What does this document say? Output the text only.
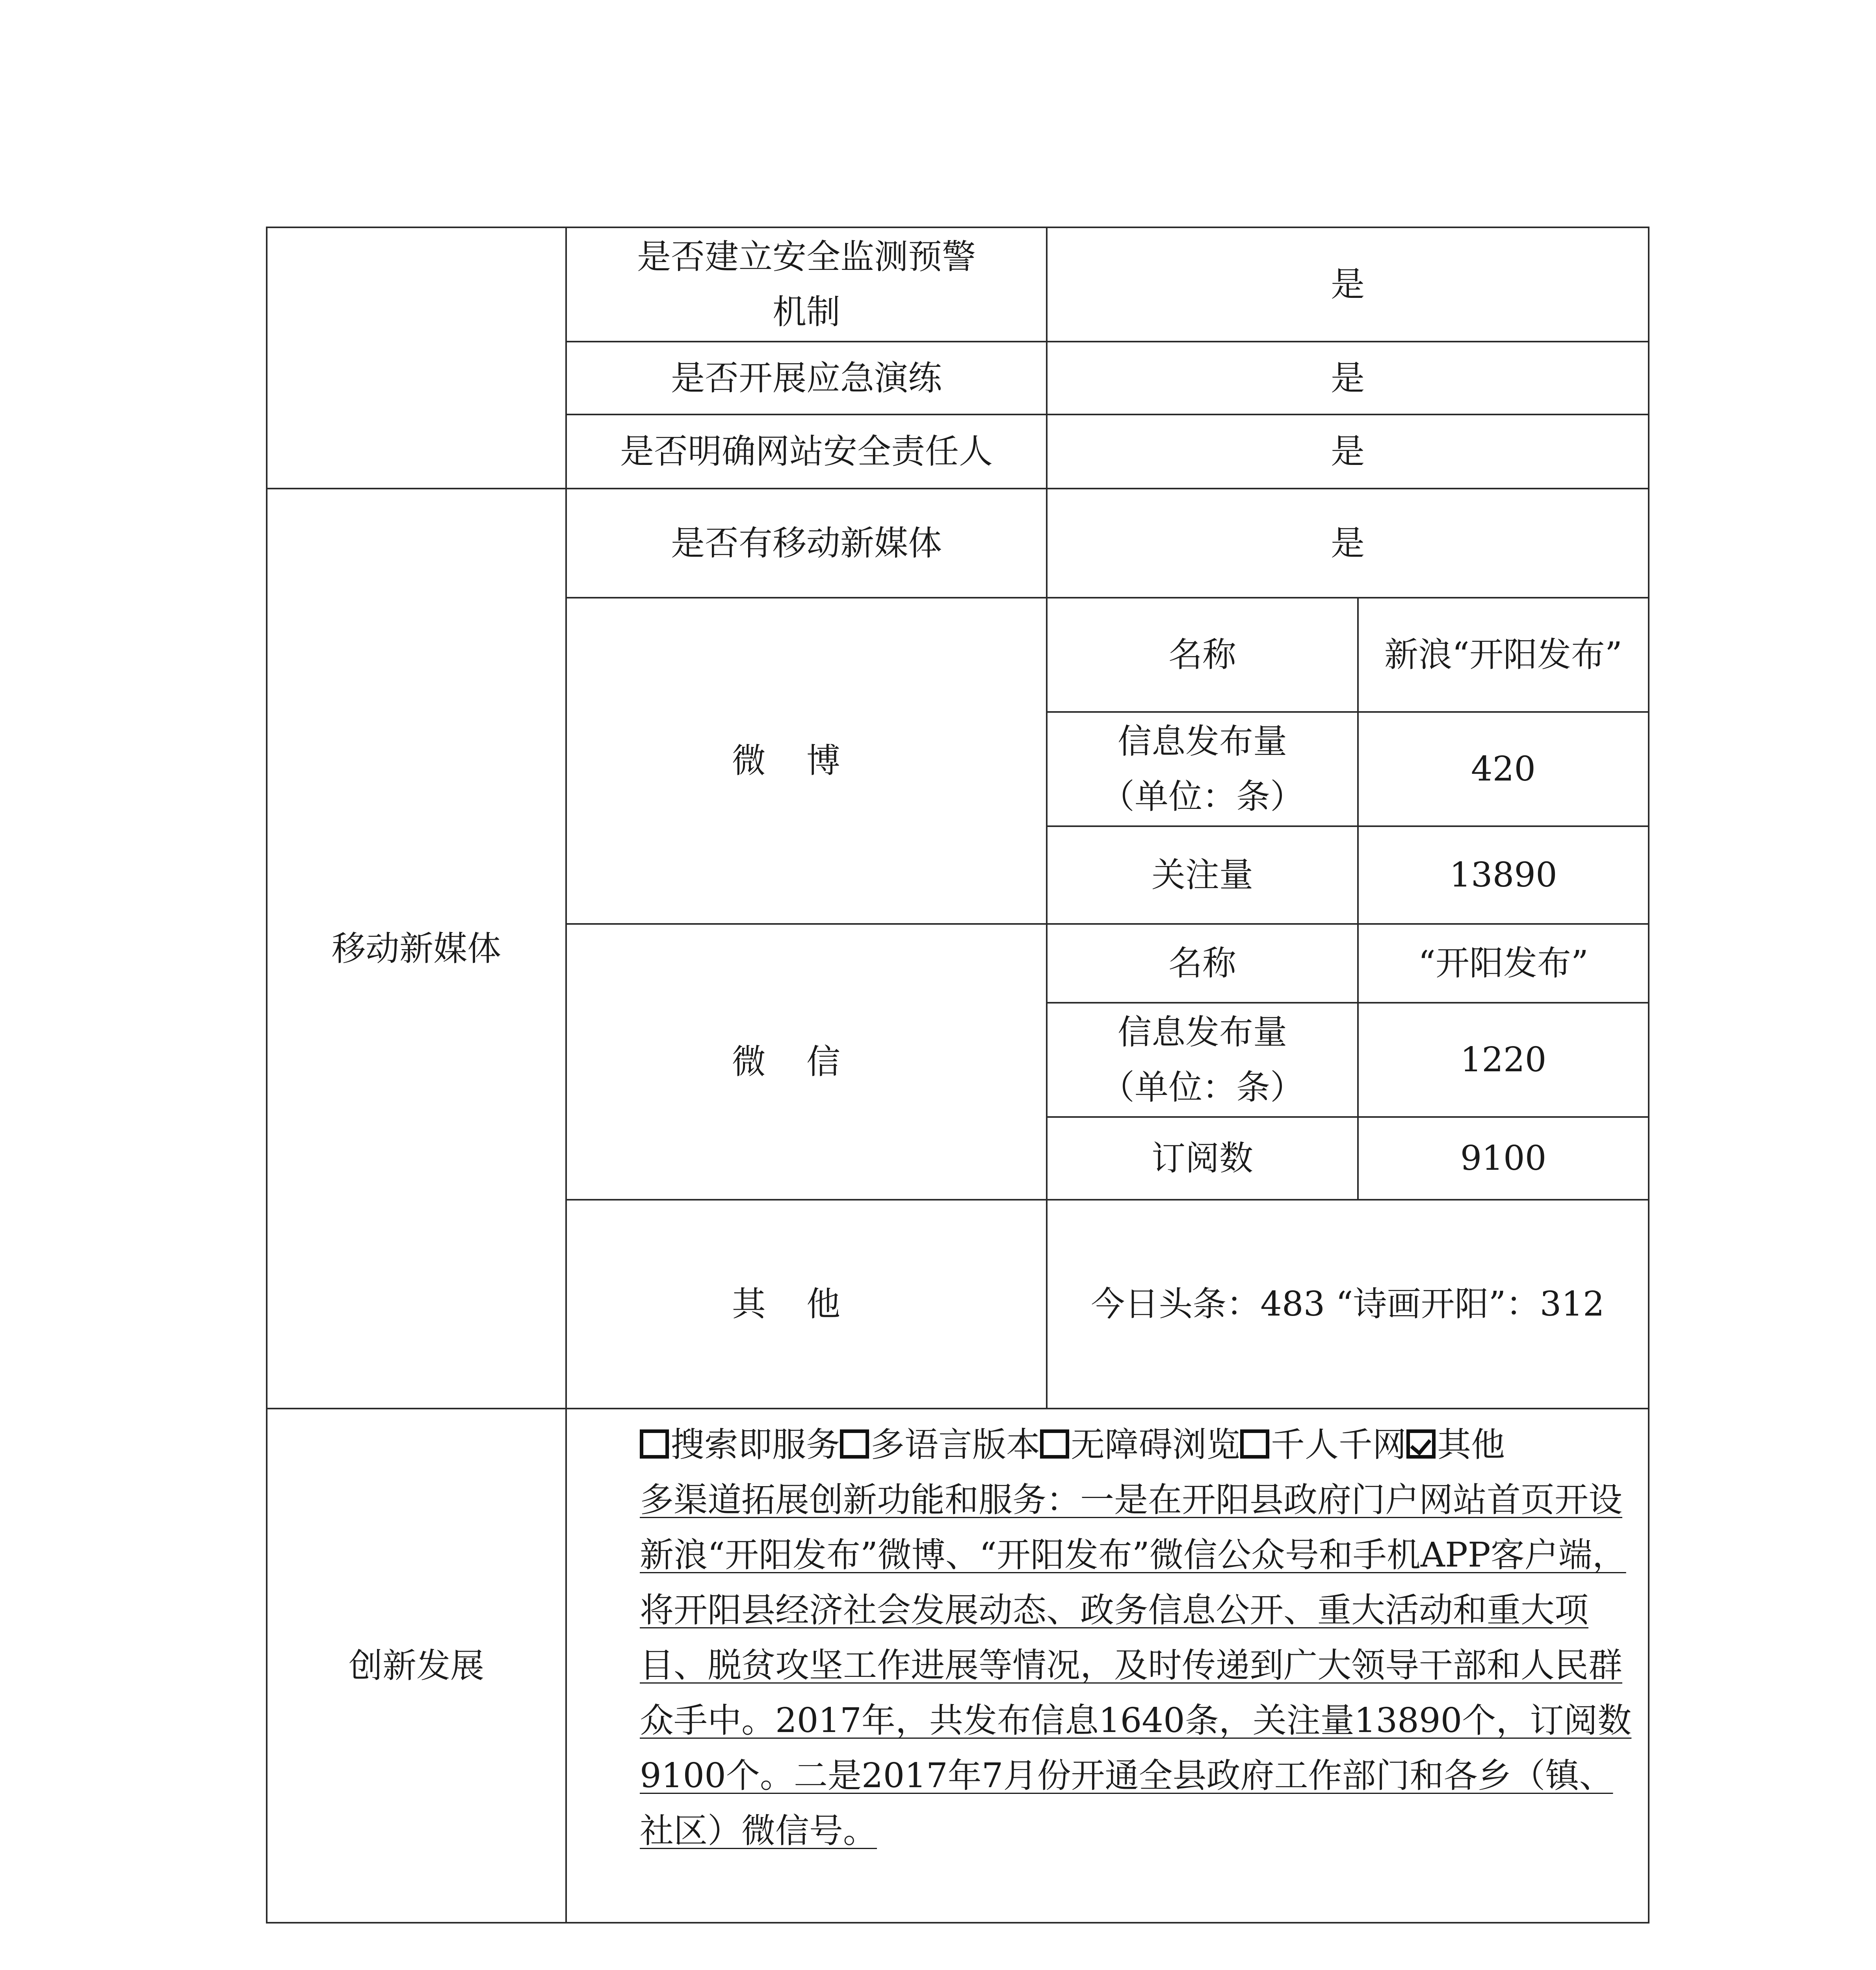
	是否建立安全监测预警机制	是	
	是否开展应急演练	是	
	是否明确网站安全责任人	是	
移动新媒体	是否有移动新媒体	是	
	微博	名称	新浪“开阳发布”
		信息发布量（单位：条）	420
		关注量	13890
	微信	名称	“开阳发布”
		信息发布量（单位：条）	1220
		订阅数	9100
	其他	今日头条：483 “诗画开阳”：312	
创新发展	搜索即服务 多语言版本 无障碍浏览 千人千网 其他
多渠道拓展创新功能和服务：一是在开阳县政府门户网站首页开设新浪“开阳发布”微博、“开阳发布”微信公众号和手机APP客户端，将开阳县经济社会发展动态、政务信息公开、重大活动和重大项目、脱贫攻坚工作进展等情况，及时传递到广大领导干部和人民群众手中。2017年，共发布信息1640条，关注量13890个，订阅数9100个。二是2017年7月份开通全县政府工作部门和各乡（镇、社区）微信号。		
